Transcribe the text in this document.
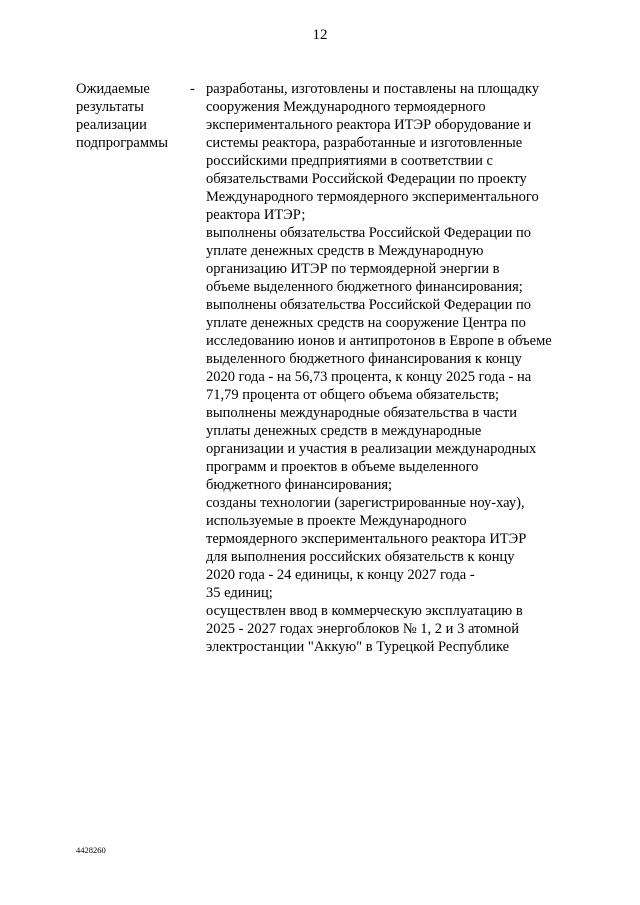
12
Ожидаемые
результаты
реализации
подпрограммы
- разработаны, изготовлены и поставлены на площадку
сооружения Международного термоядерного
экспериментального реактора ИТЭР оборудование и
системы реактора, разработанные и изготовленные
российскими предприятиями в соответствии с
обязательствами Российской Федерации по проекту
Международного термоядерного экспериментального
реактора ИТЭР;
выполнены обязательства Российской Федерации по
уплате денежных средств в Международную
организацию ИТЭР по термоядерной энергии в
объеме выделенного бюджетного финансирования;
выполнены обязательства Российской Федерации по
уплате денежных средств на сооружение Центра по
исследованию ионов и антипротонов в Европе в объеме
выделенного бюджетного финансирования к концу
2020 года - на 56,73 процента, к концу 2025 года - на
71,79 процента от общего объема обязательств;
выполнены международные обязательства в части
уплаты денежных средств в международные
организации и участия в реализации международных
программ и проектов в объеме выделенного
бюджетного финансирования;
созданы технологии (зарегистрированные ноу-хау),
используемые в проекте Международного
термоядерного экспериментального реактора ИТЭР
для выполнения российских обязательств к концу
2020 года - 24 единицы, к концу 2027 года -
35 единиц;
осуществлен ввод в коммерческую эксплуатацию в
2025 - 2027 годах энергоблоков № 1, 2 и 3 атомной
электростанции "Аккую" в Турецкой Республике
4428260
